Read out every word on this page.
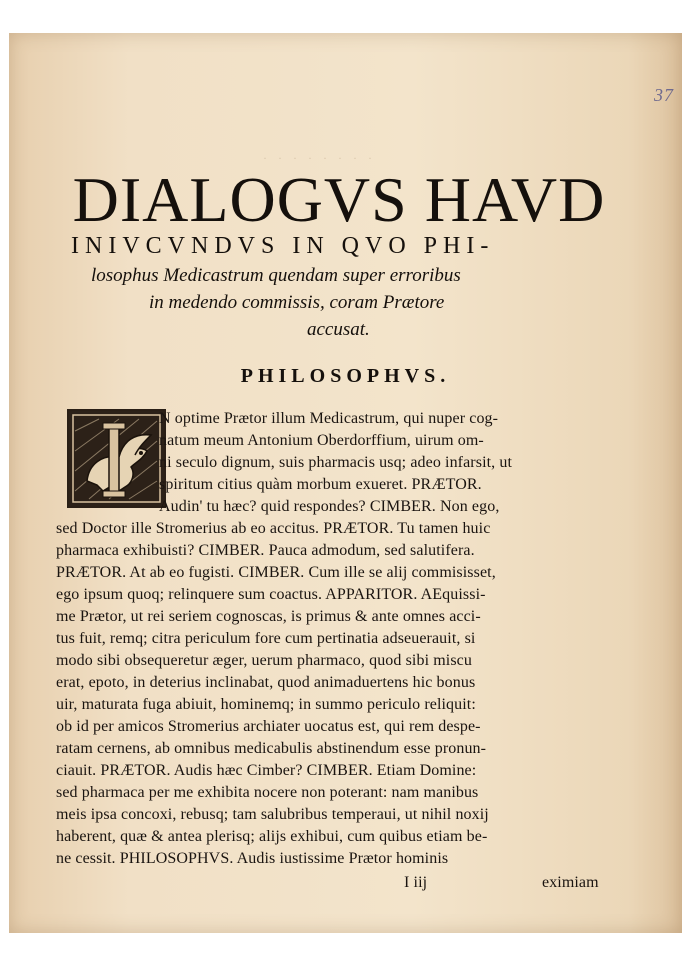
37
· · · · · · · ·
DIALOGVS HAVD
INIVCVNDVS IN QVO PHI-
losophus Medicastrum quendam super erroribus
in medendo commissis, coram Prætore
accusat.
PHILOSOPHVS.
N optime Prætor illum Medicastrum, qui nuper cog-
natum meum Antonium Oberdorffium, uirum om-
ni seculo dignum, suis pharmacis usq; adeo infarsit, ut
spiritum citius quàm morbum exueret. PRÆTOR.
Audin' tu hæc? quid respondes? CIMBER. Non ego,
sed Doctor ille Stromerius ab eo accitus. PRÆTOR. Tu tamen huic
pharmaca exhibuisti? CIMBER. Pauca admodum, sed salutifera.
PRÆTOR. At ab eo fugisti. CIMBER. Cum ille se alij commisisset,
ego ipsum quoq; relinquere sum coactus. APPARITOR. AEquissi-
me Prætor, ut rei seriem cognoscas, is primus & ante omnes acci-
tus fuit, remq; citra periculum fore cum pertinatia adseuerauit, si
modo sibi obsequeretur æger, uerum pharmaco, quod sibi miscu
erat, epoto, in deterius inclinabat, quod animaduertens hic bonus
uir, maturata fuga abiuit, hominemq; in summo periculo reliquit:
ob id per amicos Stromerius archiater uocatus est, qui rem despe-
ratam cernens, ab omnibus medicabulis abstinendum esse pronun-
ciauit. PRÆTOR. Audis hæc Cimber? CIMBER. Etiam Domine:
sed pharmaca per me exhibita nocere non poterant: nam manibus
meis ipsa concoxi, rebusq; tam salubribus temperaui, ut nihil noxij
haberent, quæ & antea plerisq; alijs exhibui, cum quibus etiam be-
ne cessit. PHILOSOPHVS. Audis iustissime Prætor hominis
I iij	eximiam
